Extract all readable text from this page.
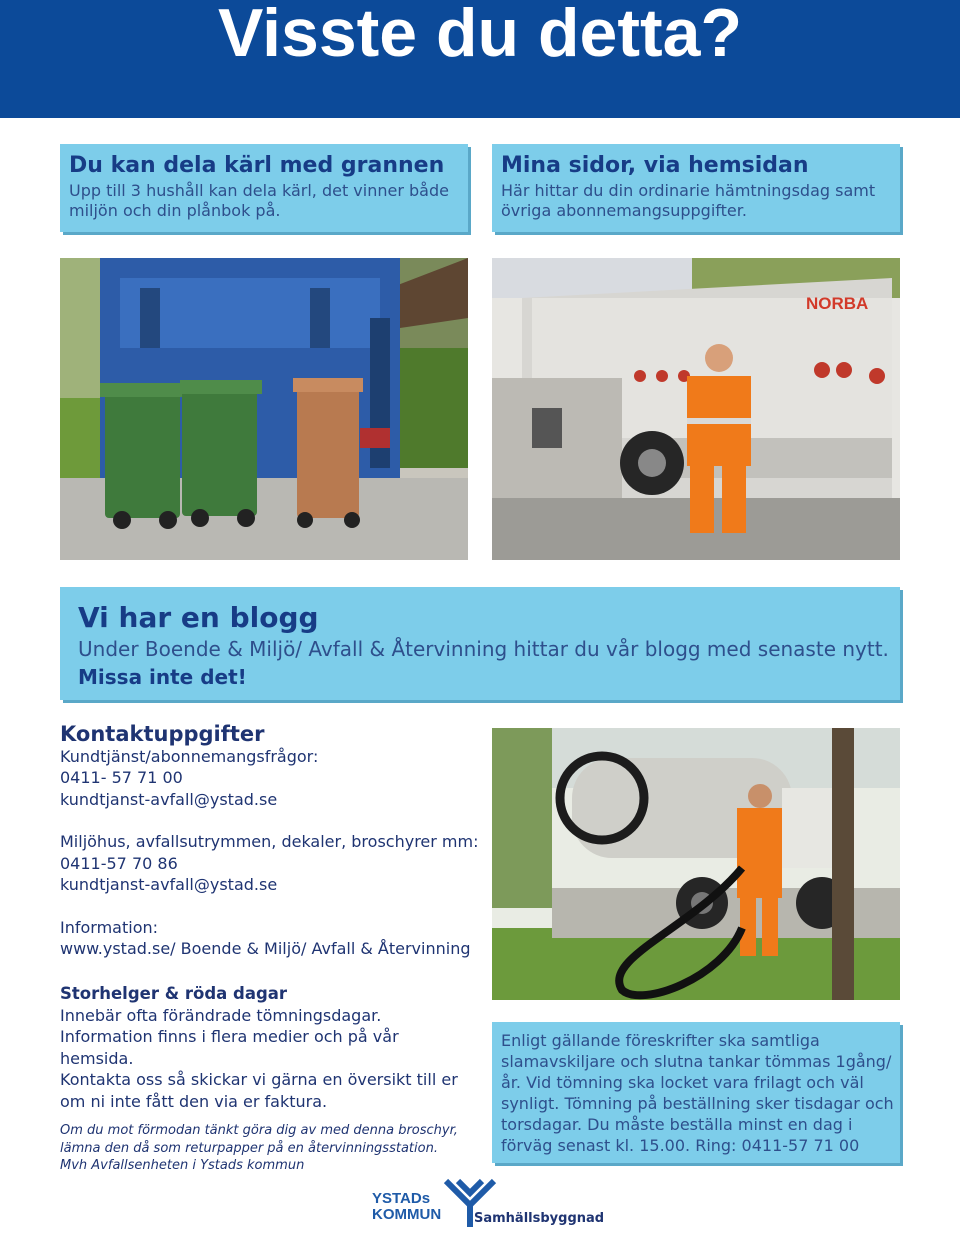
Visste du detta?
Du kan dela kärl med grannen
Upp till 3 hushåll kan dela kärl, det vinner både miljön och din plånbok på.
Mina sidor, via hemsidan
Här hittar du din ordinarie hämtningsdag samt övriga abonnemangsuppgifter.
NORBA
Vi har en blogg
Under Boende & Miljö/ Avfall & Återvinning hittar du vår blogg med senaste nytt.
Missa inte det!
Kontaktuppgifter
Kundtjänst/abonnemangsfrågor:
0411- 57 71 00
kundtjanst-avfall@ystad.se
Miljöhus, avfallsutrymmen, dekaler, broschyrer mm:
0411-57 70 86
kundtjanst-avfall@ystad.se
Information:
www.ystad.se/ Boende & Miljö/ Avfall & Återvinning
Storhelger & röda dagar
Innebär ofta förändrade tömningsdagar.
Information finns i flera medier och på vår hemsida.
Kontakta oss så skickar vi gärna en översikt till er om ni inte fått den via er faktura.
Enligt gällande föreskrifter ska samtliga slamavskiljare och slutna tankar tömmas 1gång/år. Vid tömning ska locket vara frilagt och väl synligt. Tömning på beställning sker tisdagar och torsdagar. Du måste beställa minst en dag i förväg senast kl. 15.00. Ring: 0411-57 71 00
Om du mot förmodan tänkt göra dig av med denna broschyr,
lämna den då som returpapper på en återvinningsstation.
Mvh Avfallsenheten i Ystads kommun
YSTADs
KOMMUN	Samhällsbyggnad
